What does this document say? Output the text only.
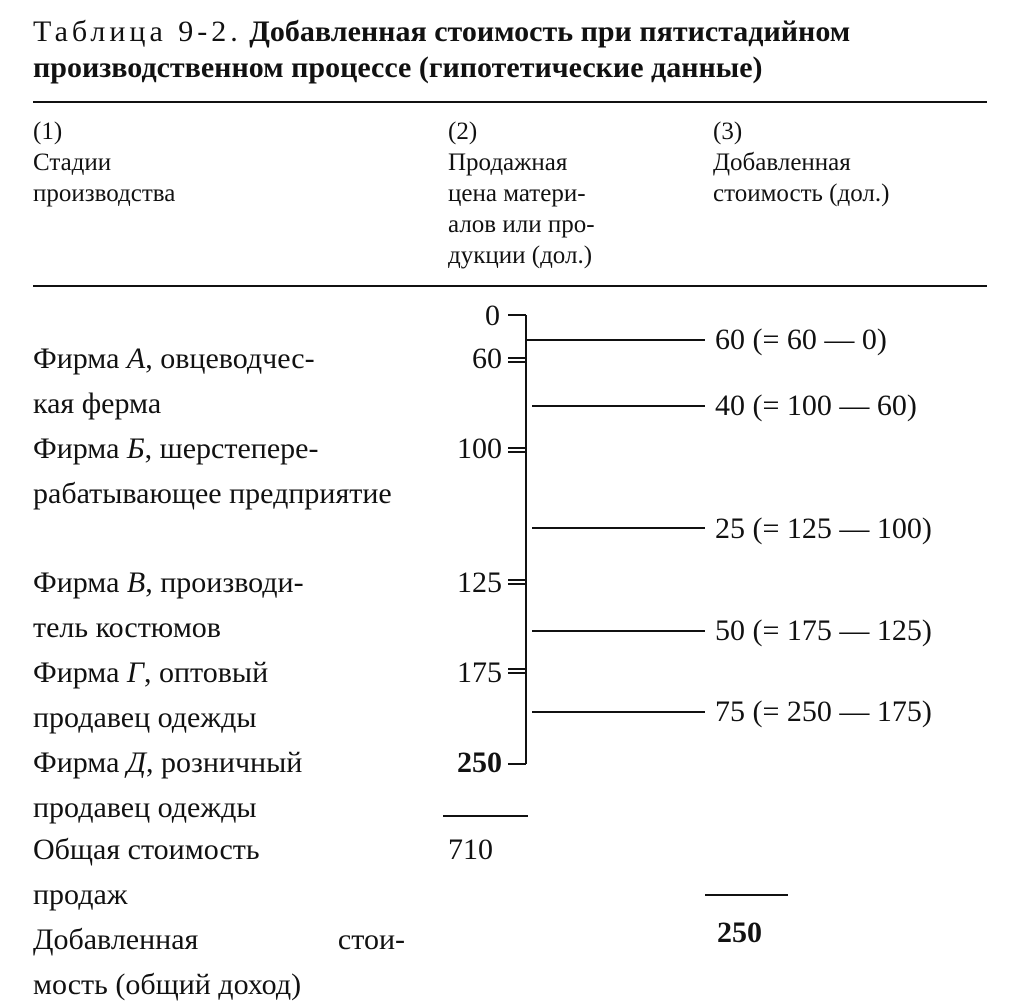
Таблица 9-2. Добавленная стоимость при пятистадийном
производственном процессе (гипотетические данные)
(1)
Стадии
производства
(2)
Продажная
цена матери-
алов или про-
дукции (дол.)
(3)
Добавленная
стоимость (дол.)
0
Фирма А, овцеводчес-
кая ферма
Фирма Б, шерстепере-
рабатывающее предприятие
Фирма В, производи-
тель костюмов
Фирма Г, оптовый
продавец одежды
Фирма Д, розничный
продавец одежды
60
100
125
175
250
60 (= 60 — 0)
40 (= 100 — 60)
25 (= 125 — 100)
50 (= 175 — 125)
75 (= 250 — 175)
Общая стоимость
продаж
710
Добавленная	стои-
мость (общий доход)
250
